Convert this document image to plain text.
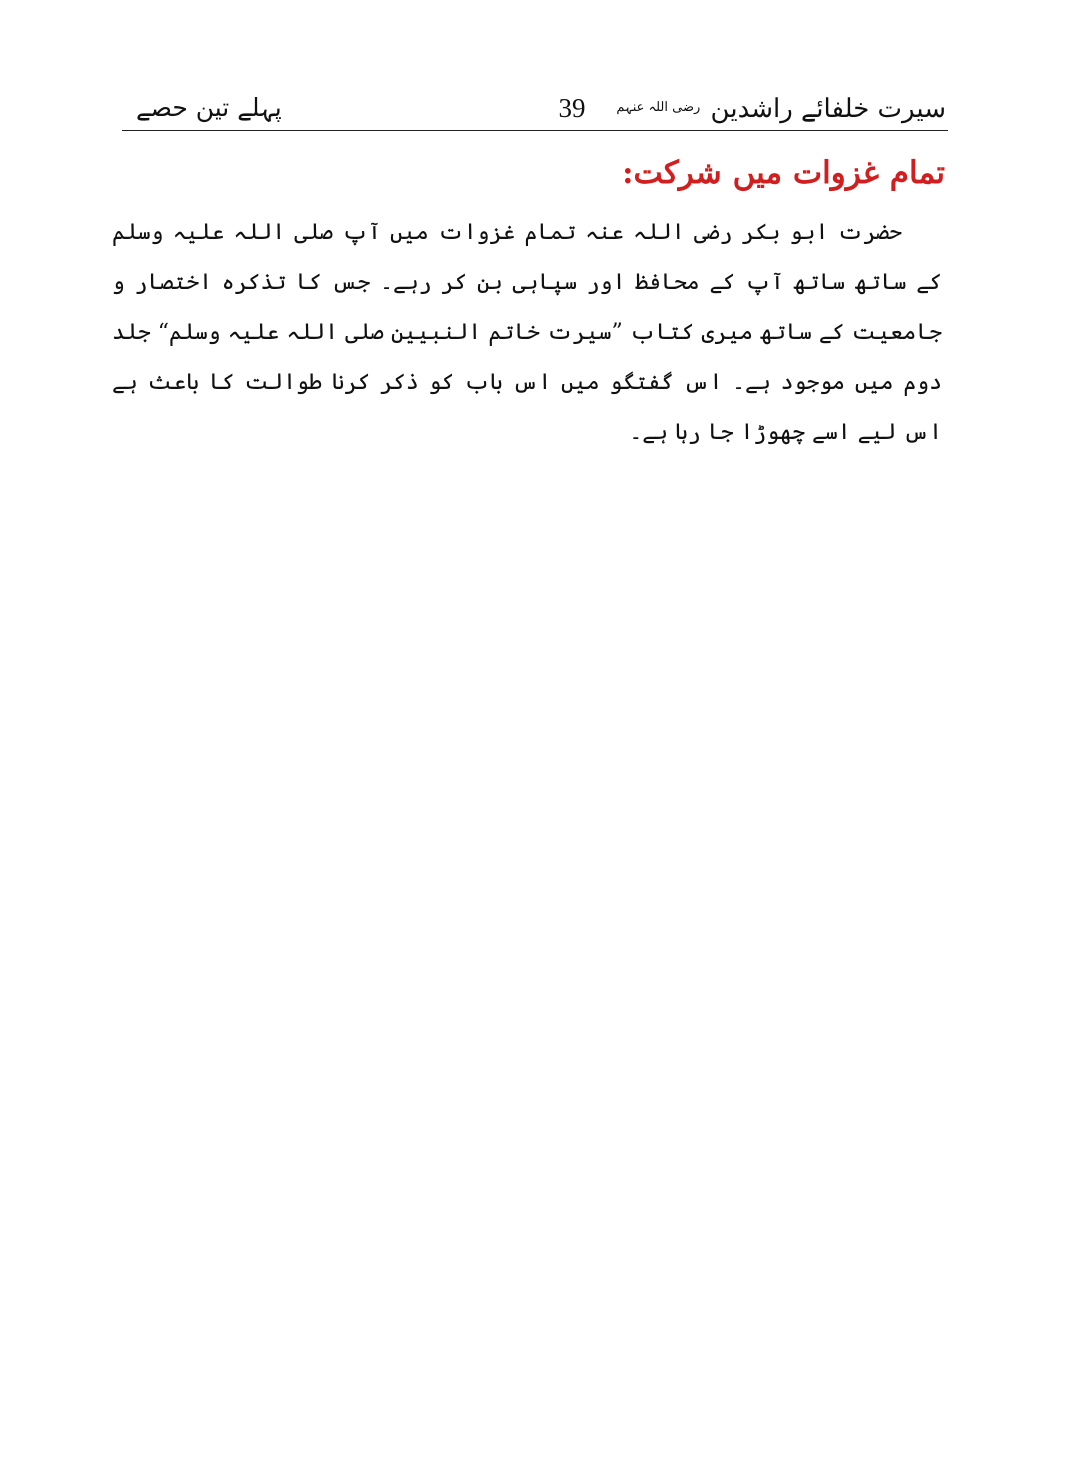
سیرت خلفائے راشدین $^{رضی اللہ عنہم}$
39
پہلے تین حصے
تمام غزوات میں شرکت:

حضرت ابو بکر رضی اللہ عنہ تمام غزوات میں آپ صلی اللہ علیہ وسلم کے ساتھ ساتھ آپ کے محافظ اور سپاہی بن کر رہے۔ جس کا تذکرہ اختصار و جامعیت کے ساتھ میری کتاب ”سیرت خاتم النبیین صلی اللہ علیہ وسلم“ جلد دوم میں موجود ہے۔ اس گفتگو میں اس باب کو ذکر کرنا طوالت کا باعث ہے اس لیے اسے چھوڑا جا رہا ہے۔
